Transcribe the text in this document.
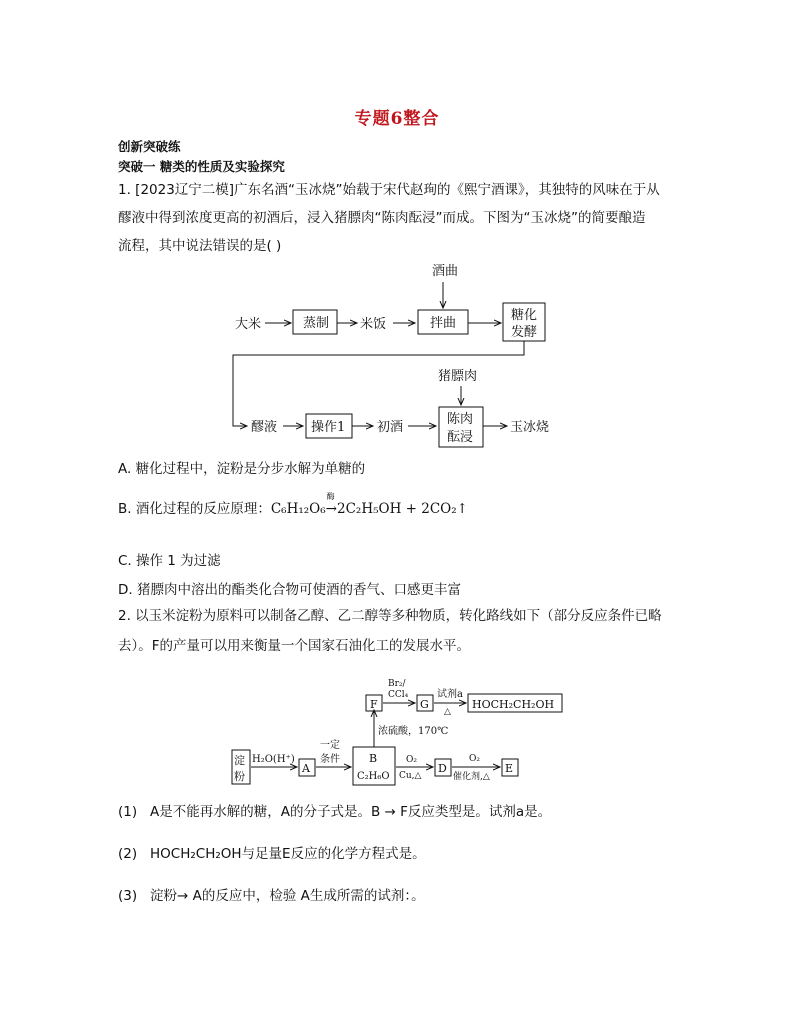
专题6整合
创新突破练
突破一 糖类的性质及实验探究
1. [2023辽宁二模]广东名酒“玉冰烧”始载于宋代赵珣的《熙宁酒课》，其独特的风味在于从
醪液中得到浓度更高的初酒后，浸入猪膘肉“陈肉酝浸”而成。下图为“玉冰烧”的简要酿造
流程，其中说法错误的是( )
大米	蒸制 米饭
酒曲
拌曲
糖化
发酵
醪液	操作1 初酒
猪膘肉
陈肉
酝浸
玉冰烧
A. 糖化过程中，淀粉是分步水解为单糖的
B. 酒化过程的反应原理：C₆H₁₂O₆
酶
→2C₂H₅OH + 2CO₂↑
C. 操作 1 为过滤
D. 猪膘肉中溶出的酯类化合物可使酒的香气、口感更丰富
2. 以玉米淀粉为原料可以制备乙醇、乙二醇等多种物质，转化路线如下（部分反应条件已略
去）。F的产量可以用来衡量一个国家石油化工的发展水平。
淀
粉
H₂O(H⁺)
A
一定
条件	B
C₂H₆O
浓硫酸，170℃
F
Br₂/
CCl₄
G
试剂a
△
HOCH₂CH₂OH
O₂
Cu,△
D
O₂
催化剂,△
E
(1) A是不能再水解的糖，A的分子式是。B → F反应类型是。试剂a是。
(2) HOCH₂CH₂OH与足量E反应的化学方程式是。
(3) 淀粉→ A的反应中，检验 A生成所需的试剂：。
